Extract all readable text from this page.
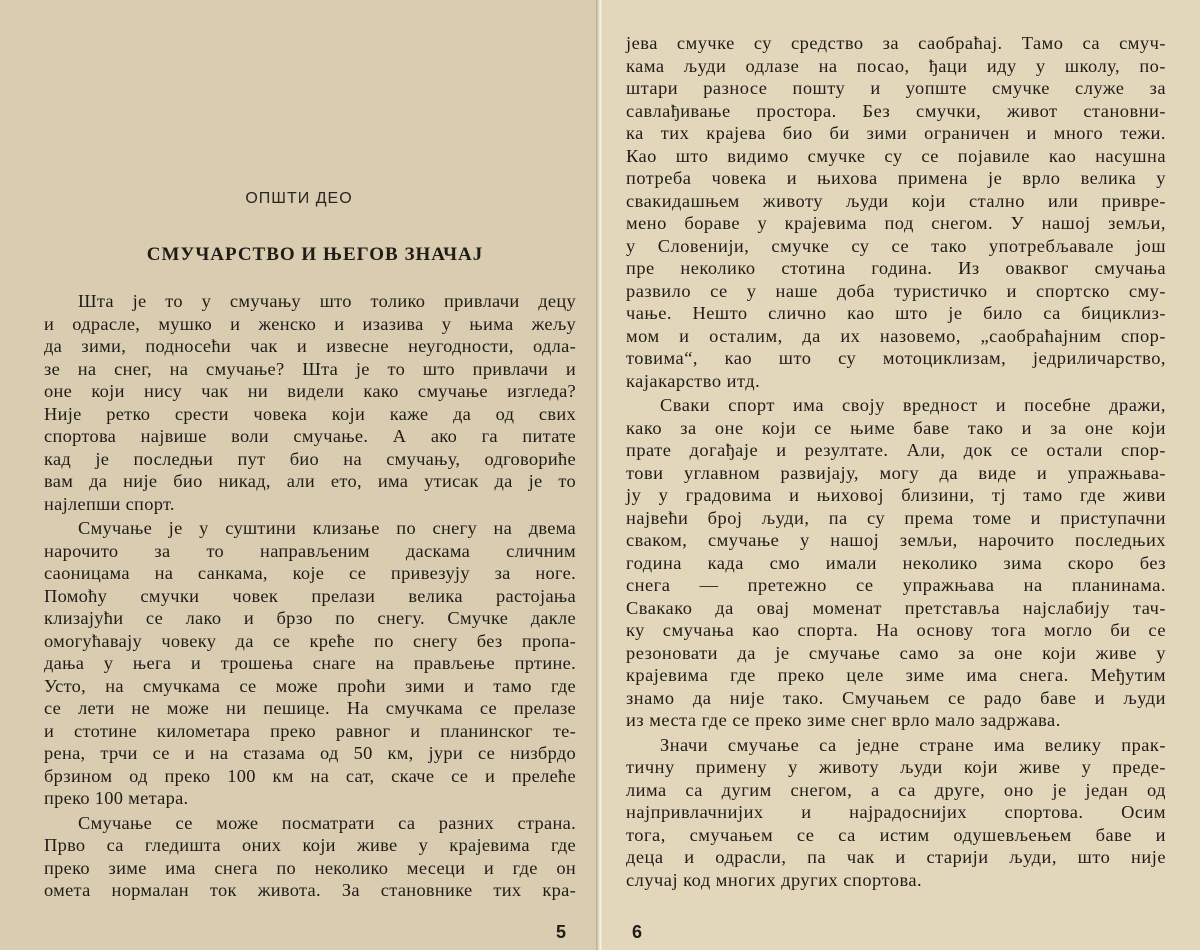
ОПШТИ ДЕО
СМУЧАРСТВО И ЊЕГОВ ЗНАЧАЈ
Шта је то у смучању што толико привлачи децу
и одрасле, мушко и женско и изазива у њима жељу
да зими, подносећи чак и извесне неугодности, одла-
зе на снег, на смучање? Шта је то што привлачи и
оне који нису чак ни видели како смучање изгледа?
Није ретко срести човека који каже да од свих
спортова највише воли смучање. А ако га питате
кад је последњи пут био на смучању, одговориће
вам да није био никад, али ето, има утисак да је то
најлепши спорт.
Смучање је у суштини клизање по снегу на двема
нарочито за то направљеним даскама сличним
саоницама на санкама, које се привезују за ноге.
Помоћу смучки човек прелази велика растојања
клизајући се лако и брзо по снегу. Смучке дакле
омогућавају човеку да се креће по снегу без пропа-
дања у њега и трошења снаге на прављење пртине.
Усто, на смучкама се може проћи зими и тамо где
се лети не може ни пешице. На смучкама се прелазе
и стотине километара преко равног и планинског те-
рена, трчи се и на стазама од 50 км, јури се низбрдо
брзином од преко 100 км на сат, скаче се и прелеће
преко 100 метара.
Смучање се може посматрати са разних страна.
Прво са гледишта оних који живе у крајевима где
преко зиме има снега по неколико месеци и где он
омета нормалан ток живота. За становнике тих кра-
5
јева смучке су средство за саобраћај. Тамо са смуч-
кама људи одлазе на посао, ђаци иду у школу, по-
штари разносе пошту и уопште смучке служе за
савлађивање простора. Без смучки, живот становни-
ка тих крајева био би зими ограничен и много тежи.
Као што видимо смучке су се појавиле као насушна
потреба човека и њихова примена је врло велика у
свакидашњем животу људи који стално или привре-
мено бораве у крајевима под снегом. У нашој земљи,
у Словенији, смучке су се тако употребљавале још
пре неколико стотина година. Из оваквог смучања
развило се у наше доба туристичко и спортско сму-
чање. Нешто слично као што је било са бициклиз-
мом и осталим, да их назовемо, „саобраћајним спор-
товима“, као што су мотоциклизам, једриличарство,
кајакарство итд.
Сваки спорт има своју вредност и посебне дражи,
како за оне који се њиме баве тако и за оне који
прате догађаје и резултате. Али, док се остали спор-
тови углавном развијају, могу да виде и упражњава-
ју у градовима и њиховој близини, тј тамо где живи
највећи број људи, па су према томе и приступачни
сваком, смучање у нашој земљи, нарочито последњих
година када смо имали неколико зима скоро без
снега — претежно се упражњава на планинама.
Свакако да овај моменат претставља најслабију тач-
ку смучања као спорта. На основу тога могло би се
резоновати да је смучање само за оне који живе у
крајевима где преко целе зиме има снега. Међутим
знамо да није тако. Смучањем се радо баве и људи
из места где се преко зиме снег врло мало задржава.
Значи смучање са једне стране има велику прак-
тичну примену у животу људи који живе у преде-
лима са дугим снегом, а са друге, оно је један од
најпривлачнијих и најрадоснијих спортова. Осим
тога, смучањем се са истим одушевљењем баве и
деца и одрасли, па чак и старији људи, што није
случај код многих других спортова.
6
